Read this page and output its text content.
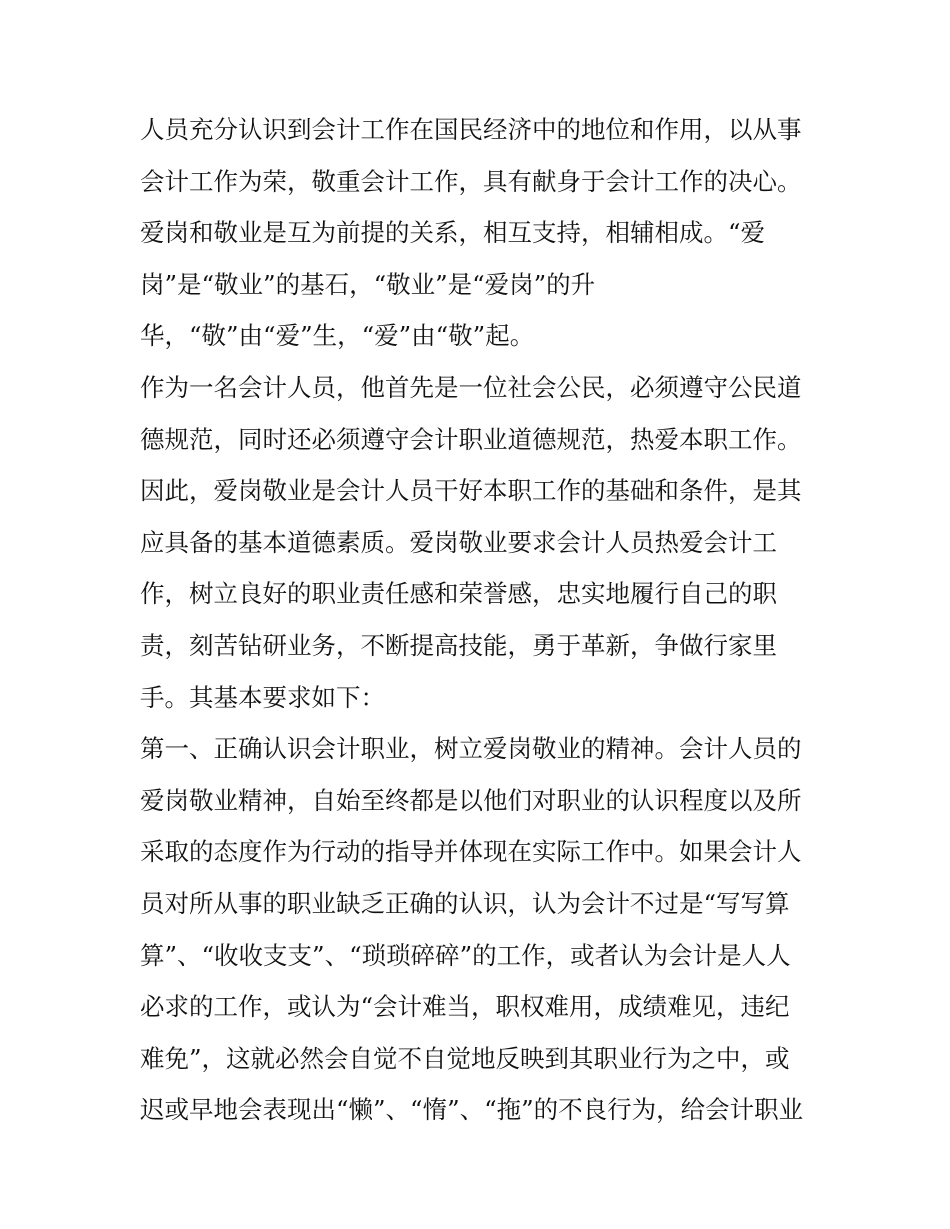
人员充分认识到会计工作在国民经济中的地位和作用，以从事
会计工作为荣，敬重会计工作，具有献身于会计工作的决心。
爱岗和敬业是互为前提的关系，相互支持，相辅相成。“爱
岗”是“敬业”的基石，“敬业”是“爱岗”的升
华，“敬”由“爱”生，“爱”由“敬”起。
作为一名会计人员，他首先是一位社会公民，必须遵守公民道
德规范，同时还必须遵守会计职业道德规范，热爱本职工作。
因此，爱岗敬业是会计人员干好本职工作的基础和条件，是其
应具备的基本道德素质。爱岗敬业要求会计人员热爱会计工
作，树立良好的职业责任感和荣誉感，忠实地履行自己的职
责，刻苦钻研业务，不断提高技能，勇于革新，争做行家里
手。其基本要求如下：
第一、正确认识会计职业，树立爱岗敬业的精神。会计人员的
爱岗敬业精神，自始至终都是以他们对职业的认识程度以及所
采取的态度作为行动的指导并体现在实际工作中。如果会计人
员对所从事的职业缺乏正确的认识，认为会计不过是“写写算
算”、“收收支支”、“琐琐碎碎”的工作，或者认为会计是人人
必求的工作，或认为“会计难当，职权难用，成绩难见，违纪
难免”，这就必然会自觉不自觉地反映到其职业行为之中，或
迟或早地会表现出“懒”、“惰”、“拖”的不良行为，给会计职业
